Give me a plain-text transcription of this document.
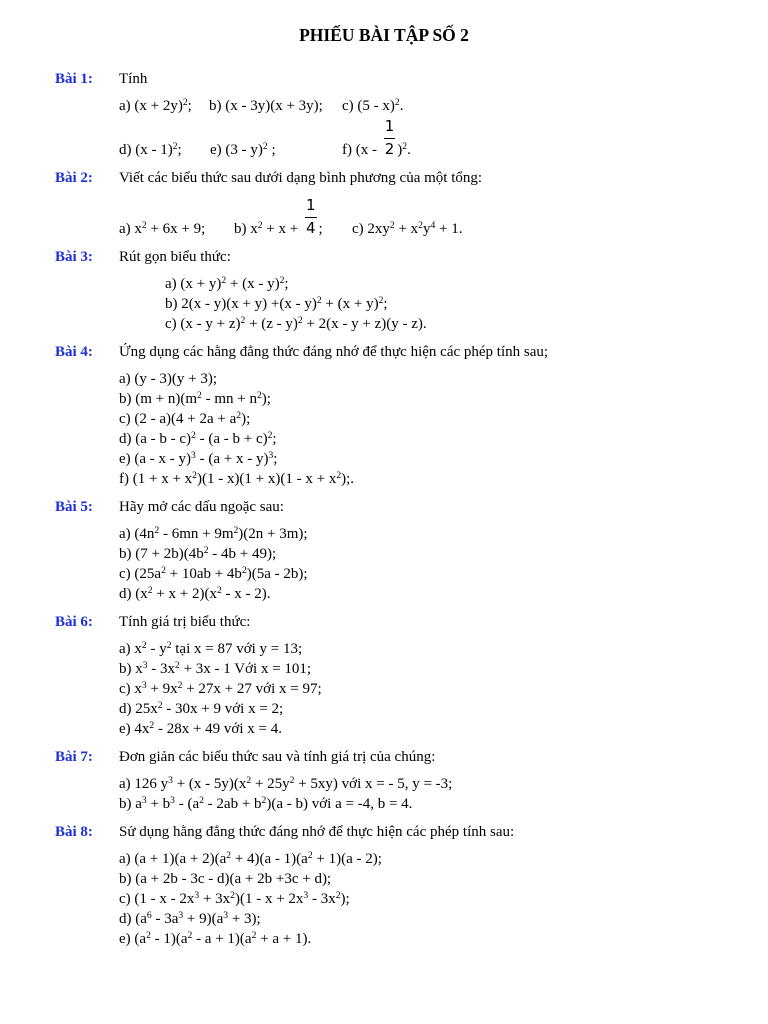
PHIẾU BÀI TẬP SỐ 2
Bài 1: Tính
a) $(x + 2y)^2$; b) (x - 3y)(x + 3y); c) (5 - x)$^2$.
d) (x - 1)$^2$; e) (3 - y)$^2$ ;	f) $(x - \frac{1}{2} )^2$.
Bài 2: Viết các biểu thức sau dưới dạng bình phương của một tổng:
a) $x^2 + 6x + 9$; b) $x^2 + x + \frac{1}{4}$ ; c) $2xy^2 + x^2y^4 + 1$.
Bài 3: Rút gọn biểu thức:
a) $(x + y)^2 + (x - y)^2$;
b) $2(x - y)(x + y) +(x - y)^2 + (x + y)^2$;
c) $(x - y + z)^2 + (z - y)^2 + 2(x - y + z)(y - z)$.
Bài 4: Ứng dụng các hằng đẳng thức đáng nhớ để thực hiện các phép tính sau;
a) (y - 3)(y + 3);
b) $(m + n)(m^2$ - mn + $n^2$);
c) $(2 - a)(4 + 2a + a^2)$;
d) $(a - b - c)^2 - (a - b + c)^2$;
e) $(a - x - y)^3 - (a + x - y)^3$;
f) $(1 + x + x^2)(1 - x)(1 + x)(1 - x + x^2)$;.
Bài 5: Hãy mở các dấu ngoặc sau:
a) $(4n^2 - 6mn + 9m^2)(2n + 3m)$;
b) $(7 + 2b)(4b^2 - 4b + 49)$;
c) $(25a^2 + 10ab + 4b^2)(5a - 2b)$;
d) $(x^2 + x + 2)(x^2 - x - 2)$.
Bài 6: Tính giá trị biểu thức:
a) $x^2 - y^2$ tại x = 87 với y = 13;
b) $x^3 - 3x^2 + 3x - 1$ Với x = 101;
c) $x^3 + 9x^2 + 27x + 27$ với x = 97;
d) $25x^2 - 30x + 9$ với x = 2;
e) $4x^2 - 28x + 49$ với x = 4.
Bài 7: Đơn giản các biểu thức sau và tính giá trị của chúng:
a) 126 $y^3 + (x - 5y)(x^2 + 25y^2 + 5xy)$ với x = - 5, y = -3;
b) $a^3 + b^3 - (a^2 - 2ab + b^2)(a - b)$ với a = -4, b = 4.
Bài 8: Sử dụng hằng đẳng thức đáng nhớ để thực hiện các phép tính sau:
a) $(a + 1)(a + 2)(a^2 + 4)(a - 1)(a^2 + 1)(a - 2)$;
b) (a + 2b - 3c - d)(a + 2b +3c + d);
c) $(1 - x - 2x^3 + 3x^2)(1 - x + 2x^3 - 3x^2)$;
d) $(a^6 - 3a^3 + 9)(a^3 + 3)$;
e) $(a^2 - 1)(a^2 - a + 1)(a^2 + a + 1)$.
